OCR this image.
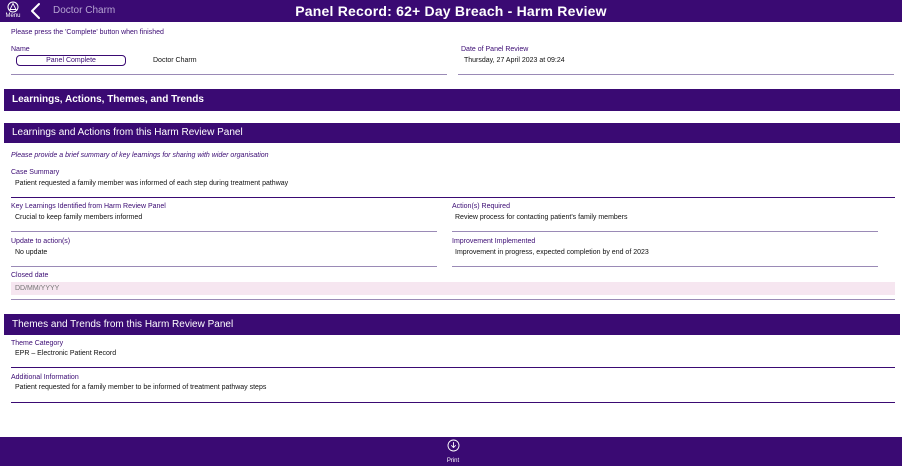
Menu	Doctor Charm	Panel Record: 62+ Day Breach - Harm Review
Please press the 'Complete' button when finished
Name
Panel Complete	Doctor Charm
Date of Panel Review
Thursday, 27 April 2023 at 09:24
Learnings, Actions, Themes, and Trends
Learnings and Actions from this Harm Review Panel
Please provide a brief summary of key learnings for sharing with wider organisation
Case Summary
Patient requested a family member was informed of each step during treatment pathway
Key Learnings Identified from Harm Review Panel
Crucial to keep family members informed
Action(s) Required
Review process for contacting patient's family members
Update to action(s)
No update
Improvement Implemented
Improvement in progress, expected completion by end of 2023
Closed date
DD/MM/YYYY
Themes and Trends from this Harm Review Panel
Theme Category
EPR – Electronic Patient Record
Additional Information
Patient requested for a family member to be informed of treatment pathway steps
Print
